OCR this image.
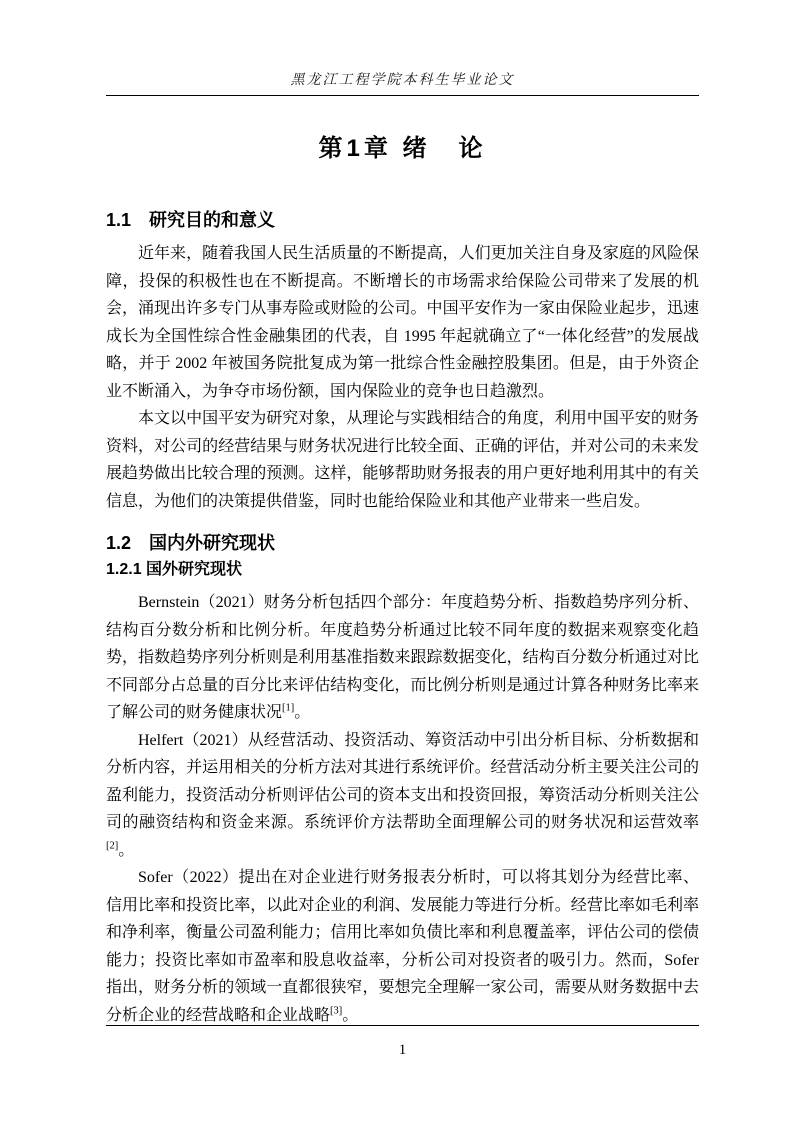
黑龙江工程学院本科生毕业论文
第1章 绪　论
1.1　研究目的和意义

近年来，随着我国人民生活质量的不断提高，人们更加关注自身及家庭的风险保障，投保的积极性也在不断提高。不断增长的市场需求给保险公司带来了发展的机会，涌现出许多专门从事寿险或财险的公司。中国平安作为一家由保险业起步，迅速成长为全国性综合性金融集团的代表，自 1995 年起就确立了“一体化经营”的发展战略，并于 2002 年被国务院批复成为第一批综合性金融控股集团。但是，由于外资企业不断涌入，为争夺市场份额，国内保险业的竞争也日趋激烈。

本文以中国平安为研究对象，从理论与实践相结合的角度，利用中国平安的财务资料，对公司的经营结果与财务状况进行比较全面、正确的评估，并对公司的未来发展趋势做出比较合理的预测。这样，能够帮助财务报表的用户更好地利用其中的有关信息，为他们的决策提供借鉴，同时也能给保险业和其他产业带来一些启发。

1.2　国内外研究现状
1.2.1 国外研究现状

Bernstein（2021）财务分析包括四个部分：年度趋势分析、指数趋势序列分析、结构百分数分析和比例分析。年度趋势分析通过比较不同年度的数据来观察变化趋势，指数趋势序列分析则是利用基准指数来跟踪数据变化，结构百分数分析通过对比不同部分占总量的百分比来评估结构变化，而比例分析则是通过计算各种财务比率来了解公司的财务健康状况[1]。

Helfert（2021）从经营活动、投资活动、筹资活动中引出分析目标、分析数据和分析内容，并运用相关的分析方法对其进行系统评价。经营活动分析主要关注公司的盈利能力，投资活动分析则评估公司的资本支出和投资回报，筹资活动分析则关注公司的融资结构和资金来源。系统评价方法帮助全面理解公司的财务状况和运营效率[2]。

Sofer（2022）提出在对企业进行财务报表分析时，可以将其划分为经营比率、信用比率和投资比率，以此对企业的利润、发展能力等进行分析。经营比率如毛利率和净利率，衡量公司盈利能力；信用比率如负债比率和利息覆盖率，评估公司的偿债能力；投资比率如市盈率和股息收益率，分析公司对投资者的吸引力。然而，Sofer 指出，财务分析的领域一直都很狭窄，要想完全理解一家公司，需要从财务数据中去分析企业的经营战略和企业战略[3]。

1
